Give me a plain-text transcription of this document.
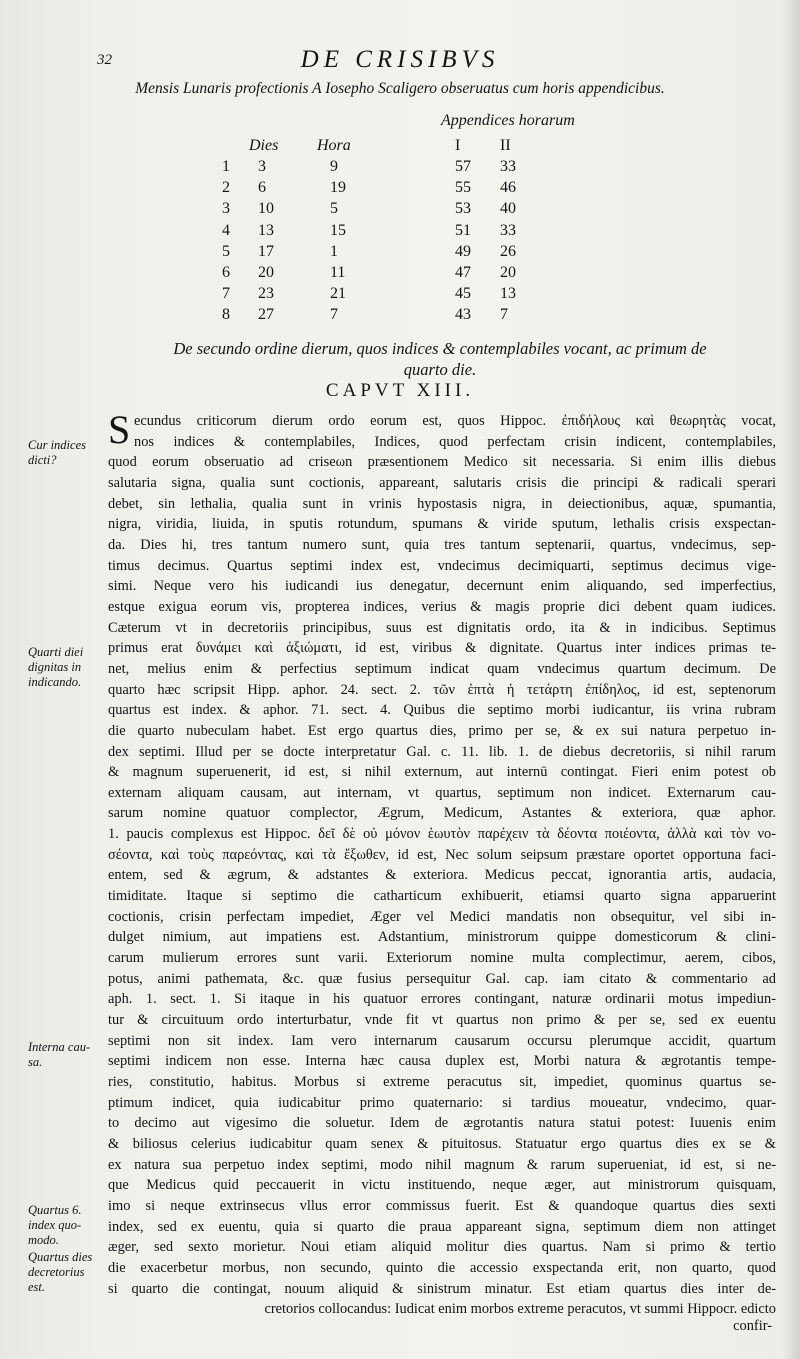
32	DE CRISIBVS
Mensis Lunaris profectionis A Iosepho Scaligero obseruatus cum horis appendicibus.
Appendices horarum
Dies Hora	I II
1 3	9	57 33
2 6	19	55 46
3 10	5	53 40
4 13	15	51 33
5 17	1	49 26
6 20	11	47 20
7 23	21	45 13
8 27	7	43 7
De secundo ordine dierum, quos indices & contemplabiles vocant, ac primum de
quarto die.
CAPVT XIII.
S ecundus criticorum dierum ordo eorum est, quos Hippoc. ἐπιδήλους καὶ θεωρητὰς vocat,
nos indices & contemplabiles, Indices, quod perfectam crisin indicent, contemplabiles,
quod eorum obseruatio ad criseωn præsentionem Medico sit necessaria. Si enim illis diebus
salutaria signa, qualia sunt coctionis, appareant, salutaris crisis die principi & radicali sperari
debet, sin lethalia, qualia sunt in vrinis hypostasis nigra, in deiectionibus, aquæ, spumantia,
nigra, viridia, liuida, in sputis rotundum, spumans & viride sputum, lethalis crisis exspectan-
da. Dies hi, tres tantum numero sunt, quia tres tantum septenarii, quartus, vndecimus, sep-
timus decimus. Quartus septimi index est, vndecimus decimiquarti, septimus decimus vige-
simi. Neque vero his iudicandi ius denegatur, decernunt enim aliquando, sed imperfectius,
estque exigua eorum vis, propterea indices, verius & magis proprie dici debent quam iudices.
Cæterum vt in decretoriis principibus, suus est dignitatis ordo, ita & in indicibus. Septimus
primus erat δυνάμει καὶ ἀξιώματι, id est, viribus & dignitate. Quartus inter indices primas te-
net, melius enim & perfectius septimum indicat quam vndecimus quartum decimum. De
quarto hæc scripsit Hipp. aphor. 24. sect. 2. τῶν ἑπτὰ ἡ τετάρτη ἐπίδηλος, id est, septenorum
quartus est index. & aphor. 71. sect. 4. Quibus die septimo morbi iudicantur, iis vrina rubram
die quarto nubeculam habet. Est ergo quartus dies, primo per se, & ex sui natura perpetuo in-
dex septimi. Illud per se docte interpretatur Gal. c. 11. lib. 1. de diebus decretoriis, si nihil rarum
& magnum superuenerit, id est, si nihil externum, aut internū contingat. Fieri enim potest ob
externam aliquam causam, aut internam, vt quartus, septimum non indicet. Externarum cau-
sarum nomine quatuor complector, Ægrum, Medicum, Astantes & exteriora, quæ aphor.
1. paucis complexus est Hippoc. δεῖ δὲ οὐ μόνον ἑωυτὸν παρέχειν τὰ δέοντα ποιέοντα, ἀλλὰ καὶ τὸν νο-
σέοντα, καὶ τοὺς παρεόντας, καὶ τὰ ἔξωθεν, id est, Nec solum seipsum præstare oportet opportuna faci-
entem, sed & ægrum, & adstantes & exteriora. Medicus peccat, ignorantia artis, audacia,
timiditate. Itaque si septimo die catharticum exhibuerit, etiamsi quarto signa apparuerint
coctionis, crisin perfectam impediet, Æger vel Medici mandatis non obsequitur, vel sibi in-
dulget nimium, aut impatiens est. Adstantium, ministrorum quippe domesticorum & clini-
carum mulierum errores sunt varii. Exteriorum nomine multa complectimur, aerem, cibos,
potus, animi pathemata, &c. quæ fusius persequitur Gal. cap. iam citato & commentario ad
aph. 1. sect. 1. Si itaque in his quatuor errores contingant, naturæ ordinarii motus impediun-
tur & circuituum ordo interturbatur, vnde fit vt quartus non primo & per se, sed ex euentu
septimi non sit index. Iam vero internarum causarum occursu plerumque accidit, quartum
septimi indicem non esse. Interna hæc causa duplex est, Morbi natura & ægrotantis tempe-
ries, constitutio, habitus. Morbus si extreme peracutus sit, impediet, quominus quartus se-
ptimum indicet, quia iudicabitur primo quaternario: si tardius moueatur, vndecimo, quar-
to decimo aut vigesimo die soluetur. Idem de ægrotantis natura statui potest: Iuuenis enim
& biliosus celerius iudicabitur quam senex & pituitosus. Statuatur ergo quartus dies ex se &
ex natura sua perpetuo index septimi, modo nihil magnum & rarum superueniat, id est, si ne-
que Medicus quid peccauerit in victu instituendo, neque æger, aut ministrorum quisquam,
imo si neque extrinsecus vllus error commissus fuerit. Est & quandoque quartus dies sexti
index, sed ex euentu, quia si quarto die praua appareant signa, septimum diem non attinget
æger, sed sexto morietur. Noui etiam aliquid molitur dies quartus. Nam si primo & tertio
die exacerbetur morbus, non secundo, quinto die accessio exspectanda erit, non quarto, quod
si quarto die contingat, nouum aliquid & sinistrum minatur. Est etiam quartus dies inter de-
cretorios collocandus: Iudicat enim morbos extreme peracutos, vt summi Hippocr. edicto
Cur indices
dicti?
Quarti diei
dignitas in
indicando.
Interna cau-
sa.
Quartus 6.
index quo-
modo.
Quartus dies
decretorius
est.
confir-
